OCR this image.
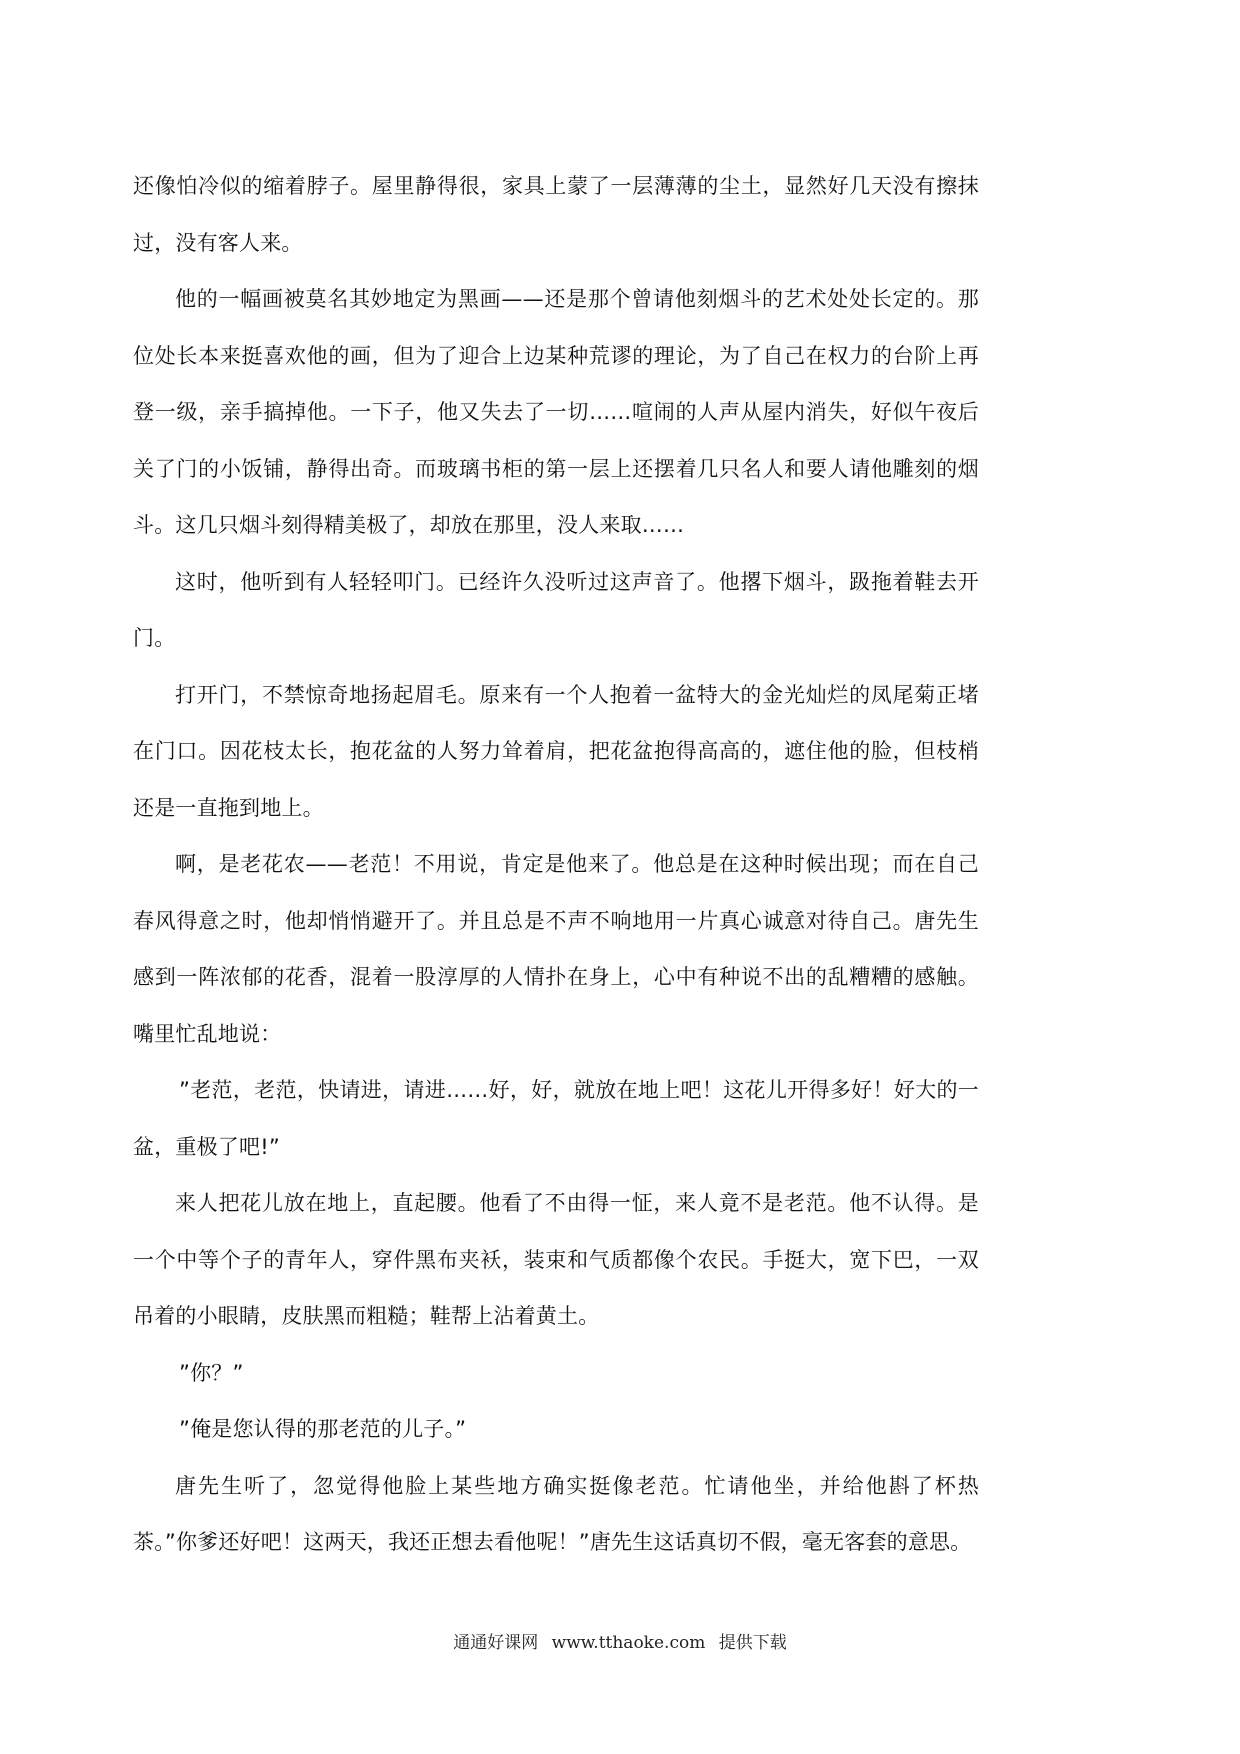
还像怕冷似的缩着脖子。屋里静得很，家具上蒙了一层薄薄的尘土，显然好几天没有擦抹过，没有客人来。

他的一幅画被莫名其妙地定为黑画——还是那个曾请他刻烟斗的艺术处处长定的。那位处长本来挺喜欢他的画，但为了迎合上边某种荒谬的理论，为了自己在权力的台阶上再登一级，亲手搞掉他。一下子，他又失去了一切……喧闹的人声从屋内消失，好似午夜后关了门的小饭铺，静得出奇。而玻璃书柜的第一层上还摆着几只名人和要人请他雕刻的烟斗。这几只烟斗刻得精美极了，却放在那里，没人来取……

这时，他听到有人轻轻叩门。已经许久没听过这声音了。他撂下烟斗，趿拖着鞋去开门。

打开门，不禁惊奇地扬起眉毛。原来有一个人抱着一盆特大的金光灿烂的凤尾菊正堵在门口。因花枝太长，抱花盆的人努力耸着肩，把花盆抱得高高的，遮住他的脸，但枝梢还是一直拖到地上。

啊，是老花农——老范！不用说，肯定是他来了。他总是在这种时候出现；而在自己春风得意之时，他却悄悄避开了。并且总是不声不响地用一片真心诚意对待自己。唐先生感到一阵浓郁的花香，混着一股淳厚的人情扑在身上，心中有种说不出的乱糟糟的感触。嘴里忙乱地说：

”老范，老范，快请进，请进……好，好，就放在地上吧！这花儿开得多好！好大的一盆，重极了吧!”

来人把花儿放在地上，直起腰。他看了不由得一怔，来人竟不是老范。他不认得。是一个中等个子的青年人，穿件黑布夹袄，装束和气质都像个农民。手挺大，宽下巴，一双吊着的小眼睛，皮肤黑而粗糙；鞋帮上沾着黄土。

”你？”

”俺是您认得的那老范的儿子。”

唐先生听了，忽觉得他脸上某些地方确实挺像老范。忙请他坐，并给他斟了杯热茶。”你爹还好吧！这两天，我还正想去看他呢！”唐先生这话真切不假，毫无客套的意思。

通通好课网 www.tthaoke.com 提供下载
